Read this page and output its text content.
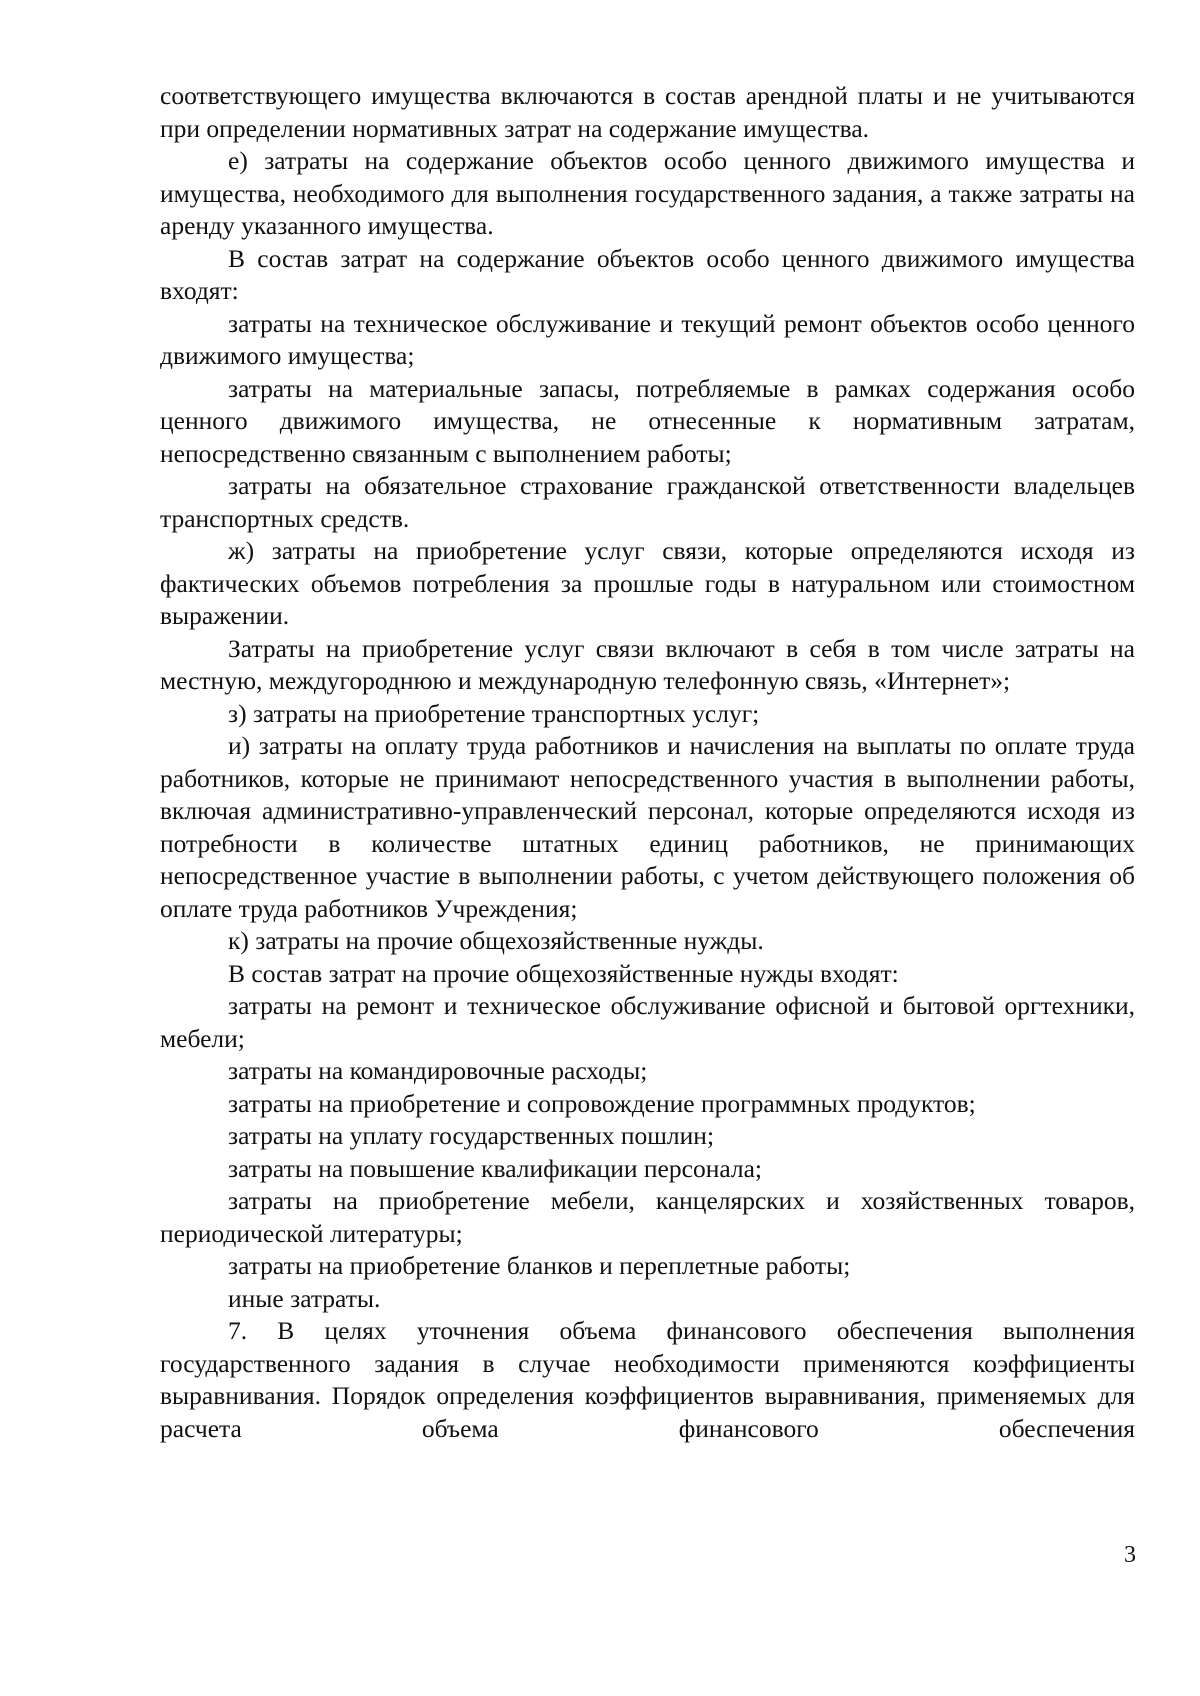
соответствующего имущества включаются в состав арендной платы и не учитываются при определении нормативных затрат на содержание имущества.

е) затраты на содержание объектов особо ценного движимого имущества и имущества, необходимого для выполнения государственного задания, а также затраты на аренду указанного имущества.

В состав затрат на содержание объектов особо ценного движимого имущества входят:

затраты на техническое обслуживание и текущий ремонт объектов особо ценного движимого имущества;

затраты на материальные запасы, потребляемые в рамках содержания особо ценного движимого имущества, не отнесенные к нормативным затратам, непосредственно связанным с выполнением работы;

затраты на обязательное страхование гражданской ответственности владельцев транспортных средств.

ж) затраты на приобретение услуг связи, которые определяются исходя из фактических объемов потребления за прошлые годы в натуральном или стоимостном выражении.

Затраты на приобретение услуг связи включают в себя в том числе затраты на местную, междугороднюю и международную телефонную связь, «Интернет»;

з) затраты на приобретение транспортных услуг;

и) затраты на оплату труда работников и начисления на выплаты по оплате труда работников, которые не принимают непосредственного участия в выполнении работы, включая административно-управленческий персонал, которые определяются исходя из потребности в количестве штатных единиц работников, не принимающих непосредственное участие в выполнении работы, с учетом действующего положения об оплате труда работников Учреждения;

к) затраты на прочие общехозяйственные нужды.

В состав затрат на прочие общехозяйственные нужды входят:

затраты на ремонт и техническое обслуживание офисной и бытовой оргтехники, мебели;

затраты на командировочные расходы;

затраты на приобретение и сопровождение программных продуктов;

затраты на уплату государственных пошлин;

затраты на повышение квалификации персонала;

затраты на приобретение мебели, канцелярских и хозяйственных товаров, периодической литературы;

затраты на приобретение бланков и переплетные работы;

иные затраты.

7. В целях уточнения объема финансового обеспечения выполнения государственного задания в случае необходимости применяются коэффициенты выравнивания. Порядок определения коэффициентов выравнивания, применяемых для расчета объема финансового обеспечения

3
